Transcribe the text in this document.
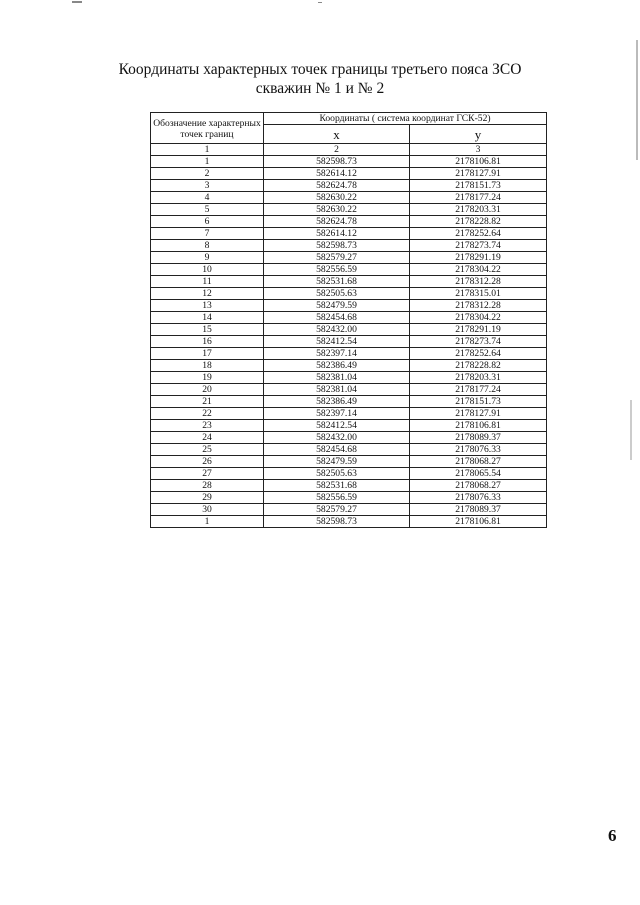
Координаты характерных точек границы третьего пояса ЗСО
скважин № 1 и № 2
Обозначение характерных точек границ	Координаты ( система координат ГСК-52)	
	х	у
1	2	3
1	582598.73	2178106.81
2	582614.12	2178127.91
3	582624.78	2178151.73
4	582630.22	2178177.24
5	582630.22	2178203.31
6	582624.78	2178228.82
7	582614.12	2178252.64
8	582598.73	2178273.74
9	582579.27	2178291.19
10	582556.59	2178304.22
11	582531.68	2178312.28
12	582505.63	2178315.01
13	582479.59	2178312.28
14	582454.68	2178304.22
15	582432.00	2178291.19
16	582412.54	2178273.74
17	582397.14	2178252.64
18	582386.49	2178228.82
19	582381.04	2178203.31
20	582381.04	2178177.24
21	582386.49	2178151.73
22	582397.14	2178127.91
23	582412.54	2178106.81
24	582432.00	2178089.37
25	582454.68	2178076.33
26	582479.59	2178068.27
27	582505.63	2178065.54
28	582531.68	2178068.27
29	582556.59	2178076.33
30	582579.27	2178089.37
1	582598.73	2178106.81
6
